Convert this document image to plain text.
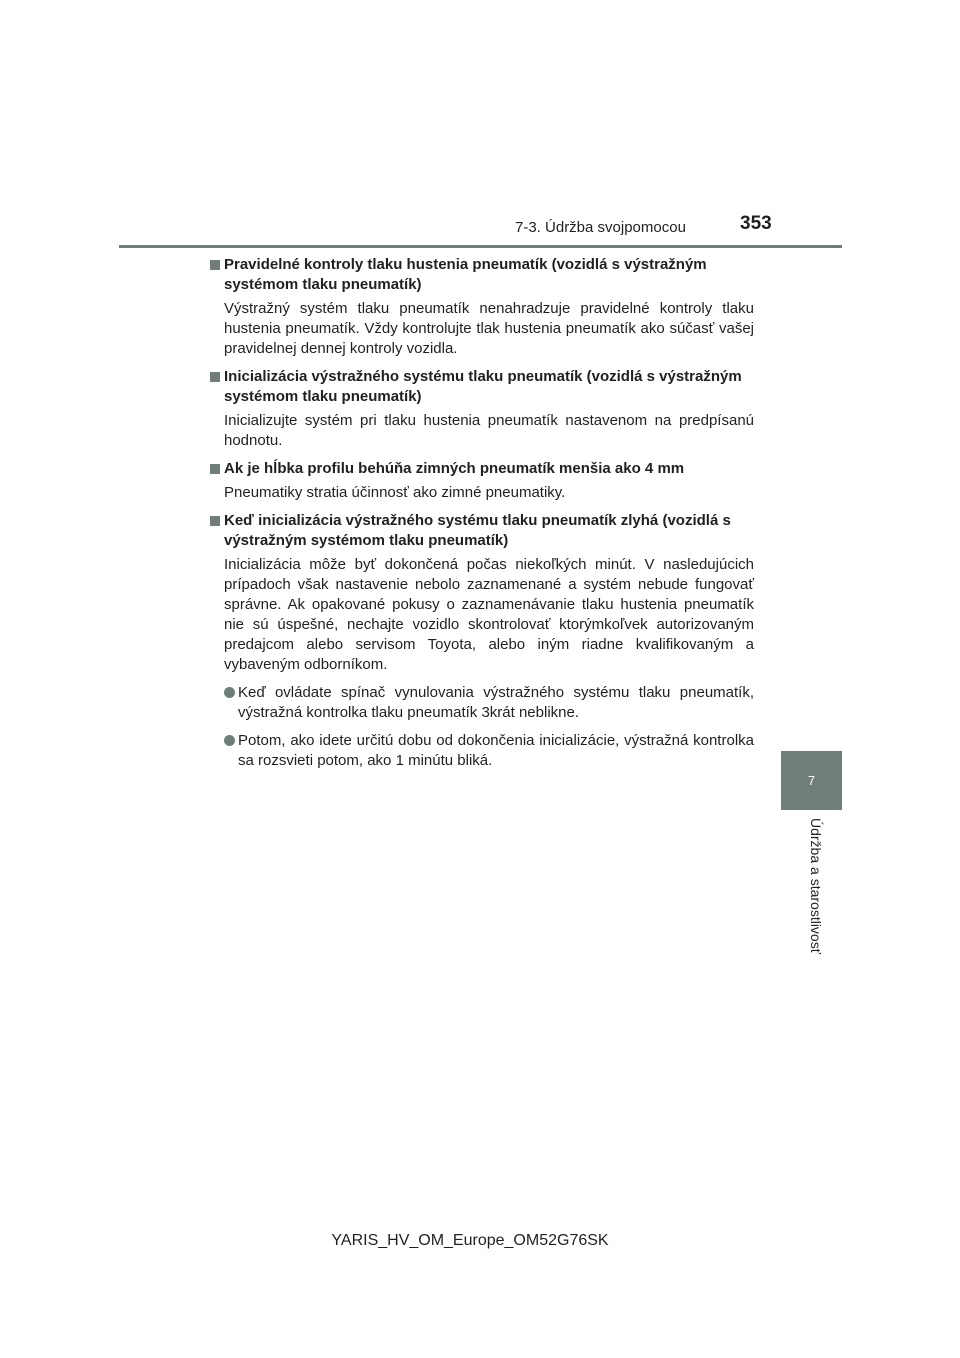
7-3. Údržba svojpomocou	353
7
Údržba a starostlivosť
Pravidelné kontroly tlaku hustenia pneumatík (vozidlá s výstražným systémom tlaku pneumatík)
Výstražný systém tlaku pneumatík nenahradzuje pravidelné kontroly tlaku hustenia pneumatík. Vždy kontrolujte tlak hustenia pneumatík ako súčasť vašej pravidelnej dennej kontroly vozidla.
Inicializácia výstražného systému tlaku pneumatík (vozidlá s výstražným systémom tlaku pneumatík)
Inicializujte systém pri tlaku hustenia pneumatík nastavenom na predpísanú hodnotu.
Ak je hĺbka profilu behúňa zimných pneumatík menšia ako 4 mm
Pneumatiky stratia účinnosť ako zimné pneumatiky.
Keď inicializácia výstražného systému tlaku pneumatík zlyhá (vozidlá s výstražným systémom tlaku pneumatík)
Inicializácia môže byť dokončená počas niekoľkých minút. V nasledujúcich prípadoch však nastavenie nebolo zaznamenané a systém nebude fungovať správne. Ak opakované pokusy o zaznamenávanie tlaku hustenia pneumatík nie sú úspešné, nechajte vozidlo skontrolovať ktorýmkoľvek autorizovaným predajcom alebo servisom Toyota, alebo iným riadne kvalifikovaným a vybaveným odborníkom.
Keď ovládate spínač vynulovania výstražného systému tlaku pneumatík, výstražná kontrolka tlaku pneumatík 3krát neblikne.
Potom, ako idete určitú dobu od dokončenia inicializácie, výstražná kontrolka sa rozsvieti potom, ako 1 minútu bliká.
YARIS_HV_OM_Europe_OM52G76SK
